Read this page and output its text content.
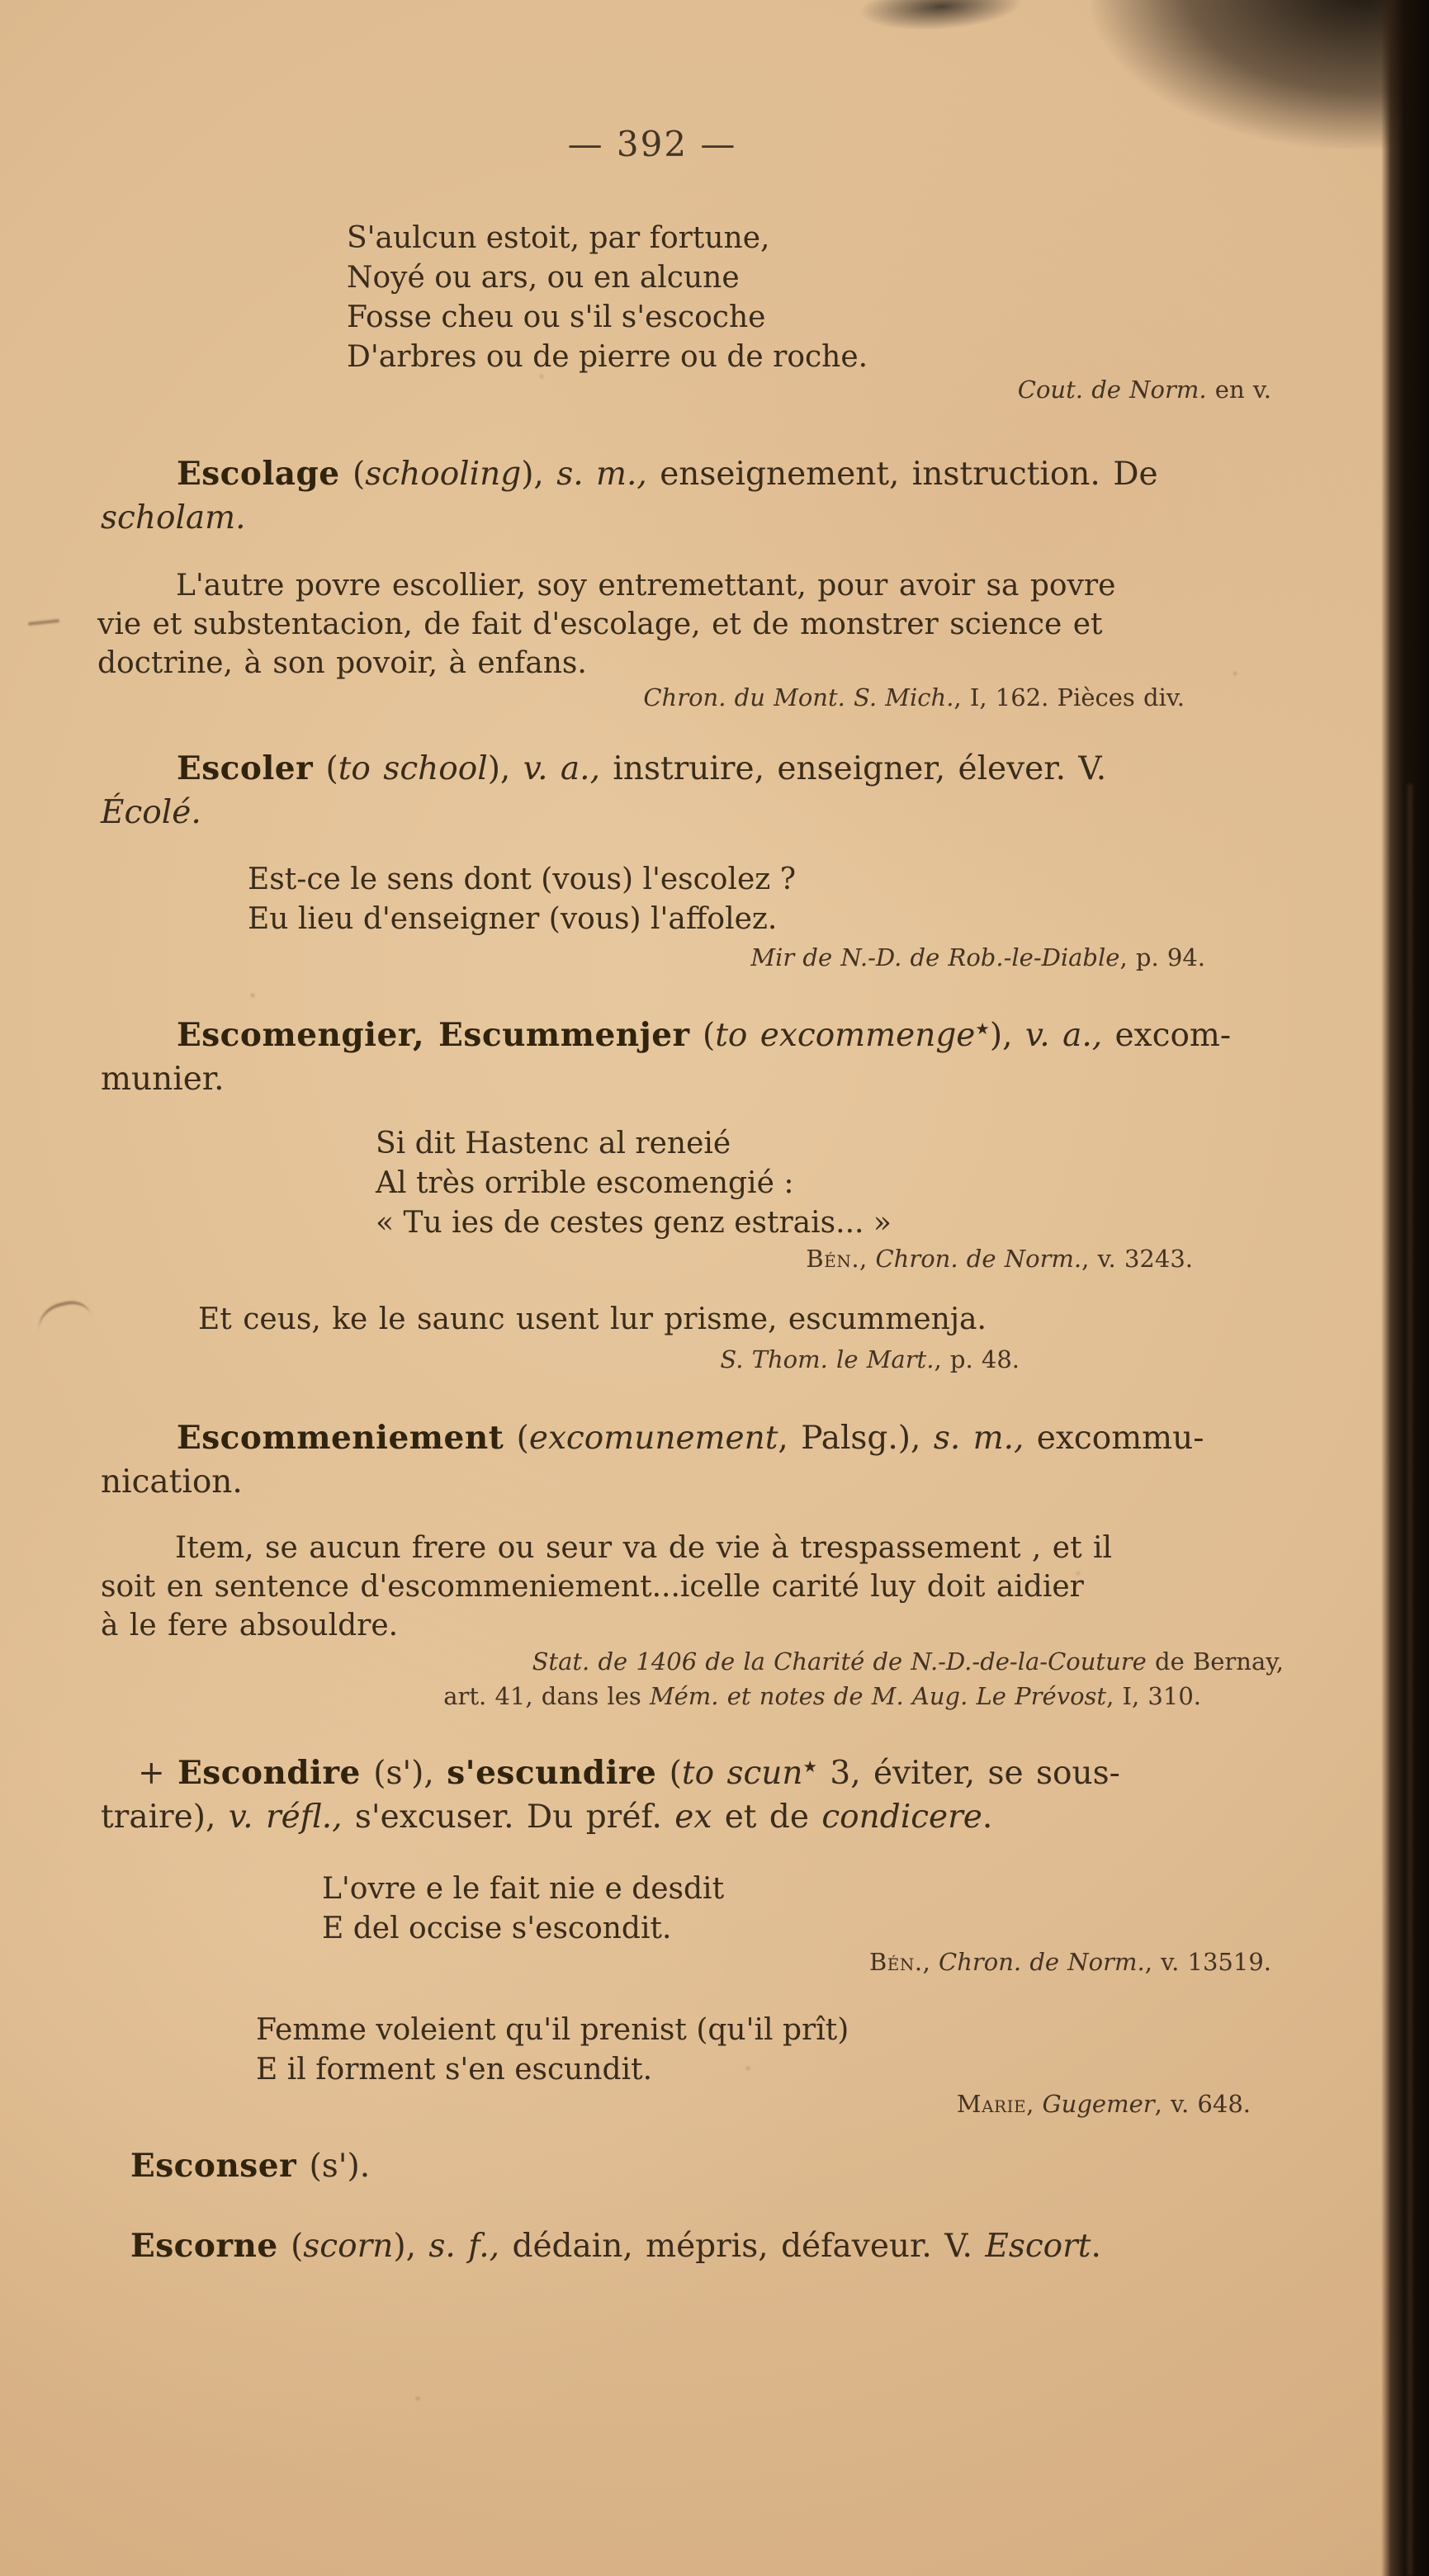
— 392 —
S'aulcun estoit, par fortune,
Noyé ou ars, ou en alcune
Fosse cheu ou s'il s'escoche
D'arbres ou de pierre ou de roche.
Cout. de Norm. en v.
Escolage (schooling), s. m., enseignement, instruction. De
scholam.
L'autre povre escollier, soy entremettant, pour avoir sa povre
vie et substentacion, de fait d'escolage, et de monstrer science et
doctrine, à son povoir, à enfans.
Chron. du Mont. S. Mich., I, 162. Pièces div.
Escoler (to school), v. a., instruire, enseigner, élever. V.
Écolé.
Est-ce le sens dont (vous) l'escolez ?
Eu lieu d'enseigner (vous) l'affolez.
Mir de N.-D. de Rob.-le-Diable, p. 94.
Escomengier, Escummenjer (to excommenge★), v. a., excom-
munier.
Si dit Hastenc al reneié
Al très orrible escomengié :
« Tu ies de cestes genz estrais... »
Bén., Chron. de Norm., v. 3243.
Et ceus, ke le saunc usent lur prisme, escummenja.
S. Thom. le Mart., p. 48.
Escommeniement (excomunement, Palsg.), s. m., excommu-
nication.
Item, se aucun frere ou seur va de vie à trespassement , et il
soit en sentence d'escommeniement...icelle carité luy doit aidier
à le fere absouldre.
Stat. de 1406 de la Charité de N.-D.-de-la-Couture de Bernay,
art. 41, dans les Mém. et notes de M. Aug. Le Prévost, I, 310.
+ Escondire (s'), s'escundire (to scun★ 3, éviter, se sous-
traire), v. réfl., s'excuser. Du préf. ex et de condicere.
L'ovre e le fait nie e desdit
E del occise s'escondit.
Bén., Chron. de Norm., v. 13519.
Femme voleient qu'il prenist (qu'il prît)
E il forment s'en escundit.
Marie, Gugemer, v. 648.
Esconser (s').
Escorne (scorn), s. f., dédain, mépris, défaveur. V. Escort.
